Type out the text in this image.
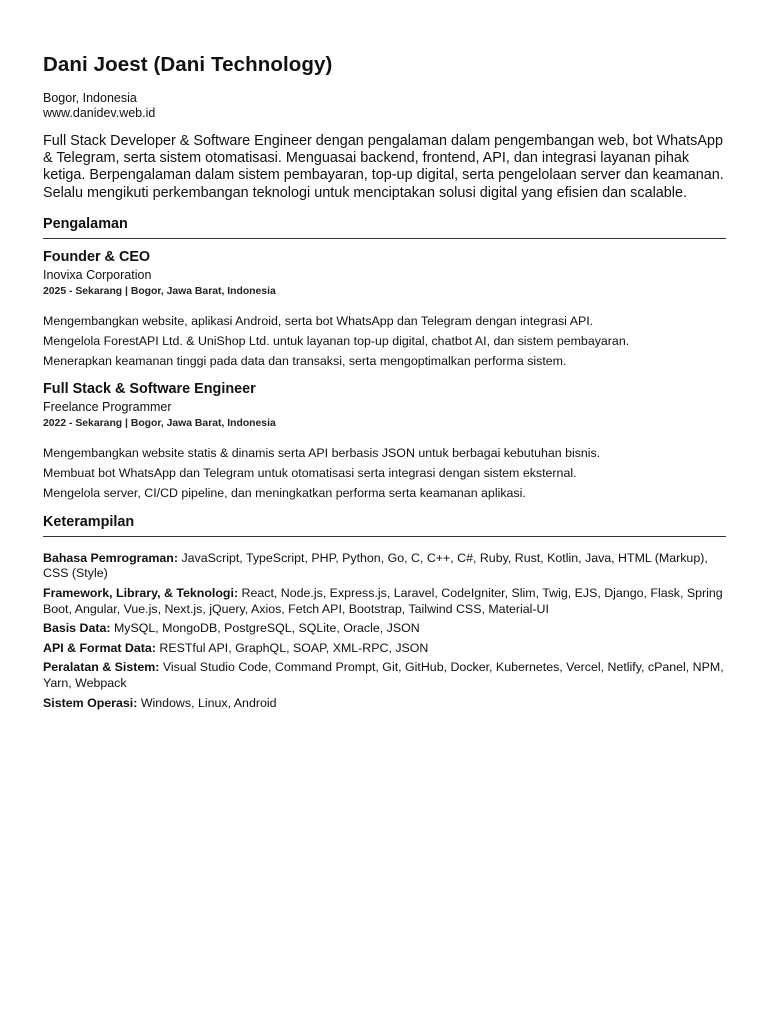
Dani Joest (Dani Technology)
Bogor, Indonesia
www.danidev.web.id
Full Stack Developer & Software Engineer dengan pengalaman dalam pengembangan web, bot WhatsApp & Telegram, serta sistem otomatisasi. Menguasai backend, frontend, API, dan integrasi layanan pihak ketiga. Berpengalaman dalam sistem pembayaran, top-up digital, serta pengelolaan server dan keamanan. Selalu mengikuti perkembangan teknologi untuk menciptakan solusi digital yang efisien dan scalable.
Pengalaman
Founder & CEO
Inovixa Corporation
2025 - Sekarang | Bogor, Jawa Barat, Indonesia
Mengembangkan website, aplikasi Android, serta bot WhatsApp dan Telegram dengan integrasi API.
Mengelola ForestAPI Ltd. & UniShop Ltd. untuk layanan top-up digital, chatbot AI, dan sistem pembayaran.
Menerapkan keamanan tinggi pada data dan transaksi, serta mengoptimalkan performa sistem.
Full Stack & Software Engineer
Freelance Programmer
2022 - Sekarang | Bogor, Jawa Barat, Indonesia
Mengembangkan website statis & dinamis serta API berbasis JSON untuk berbagai kebutuhan bisnis.
Membuat bot WhatsApp dan Telegram untuk otomatisasi serta integrasi dengan sistem eksternal.
Mengelola server, CI/CD pipeline, dan meningkatkan performa serta keamanan aplikasi.
Keterampilan
Bahasa Pemrograman: JavaScript, TypeScript, PHP, Python, Go, C, C++, C#, Ruby, Rust, Kotlin, Java, HTML (Markup), CSS (Style)
Framework, Library, & Teknologi: React, Node.js, Express.js, Laravel, CodeIgniter, Slim, Twig, EJS, Django, Flask, Spring Boot, Angular, Vue.js, Next.js, jQuery, Axios, Fetch API, Bootstrap, Tailwind CSS, Material-UI
Basis Data: MySQL, MongoDB, PostgreSQL, SQLite, Oracle, JSON
API & Format Data: RESTful API, GraphQL, SOAP, XML-RPC, JSON
Peralatan & Sistem: Visual Studio Code, Command Prompt, Git, GitHub, Docker, Kubernetes, Vercel, Netlify, cPanel, NPM, Yarn, Webpack
Sistem Operasi: Windows, Linux, Android
